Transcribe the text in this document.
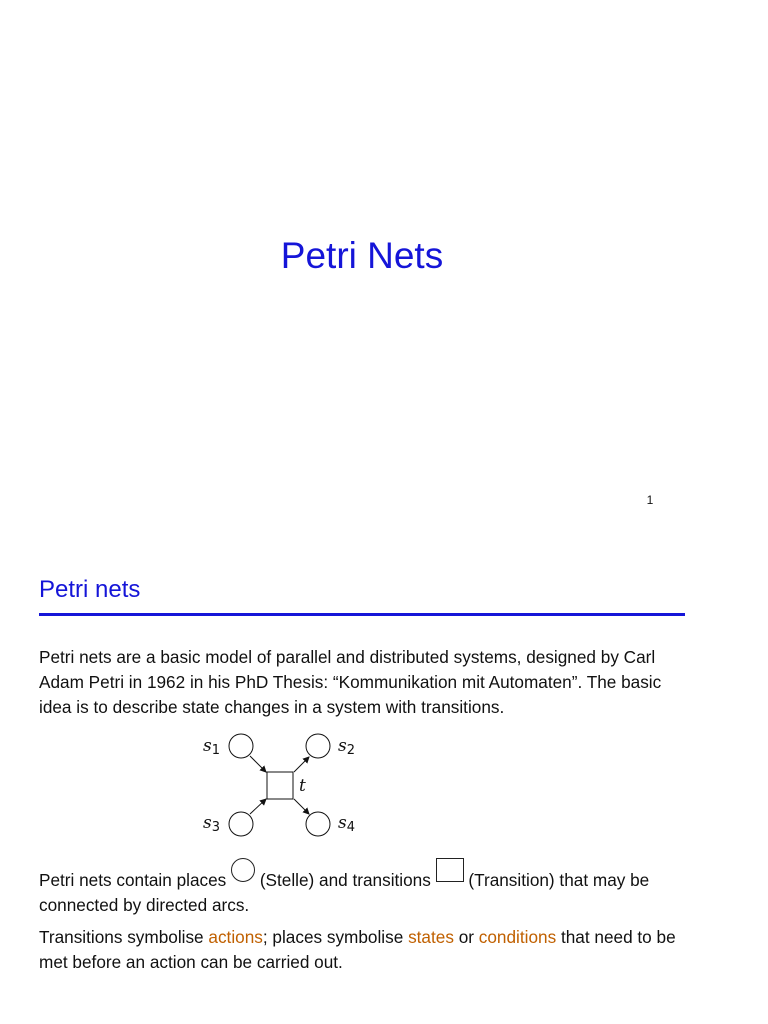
Petri Nets
1
Petri nets

Petri nets are a basic model of parallel and distributed systems, designed by Carl Adam Petri in 1962 in his PhD Thesis: “Kommunikation mit Automaten”. The basic idea is to describe state changes in a system with transitions.

s1	s2
s3	s4
t

Petri nets contain places  (Stelle) and transitions  (Transition) that may be connected by directed arcs.

Transitions symbolise actions; places symbolise states or conditions that need to be met before an action can be carried out.
